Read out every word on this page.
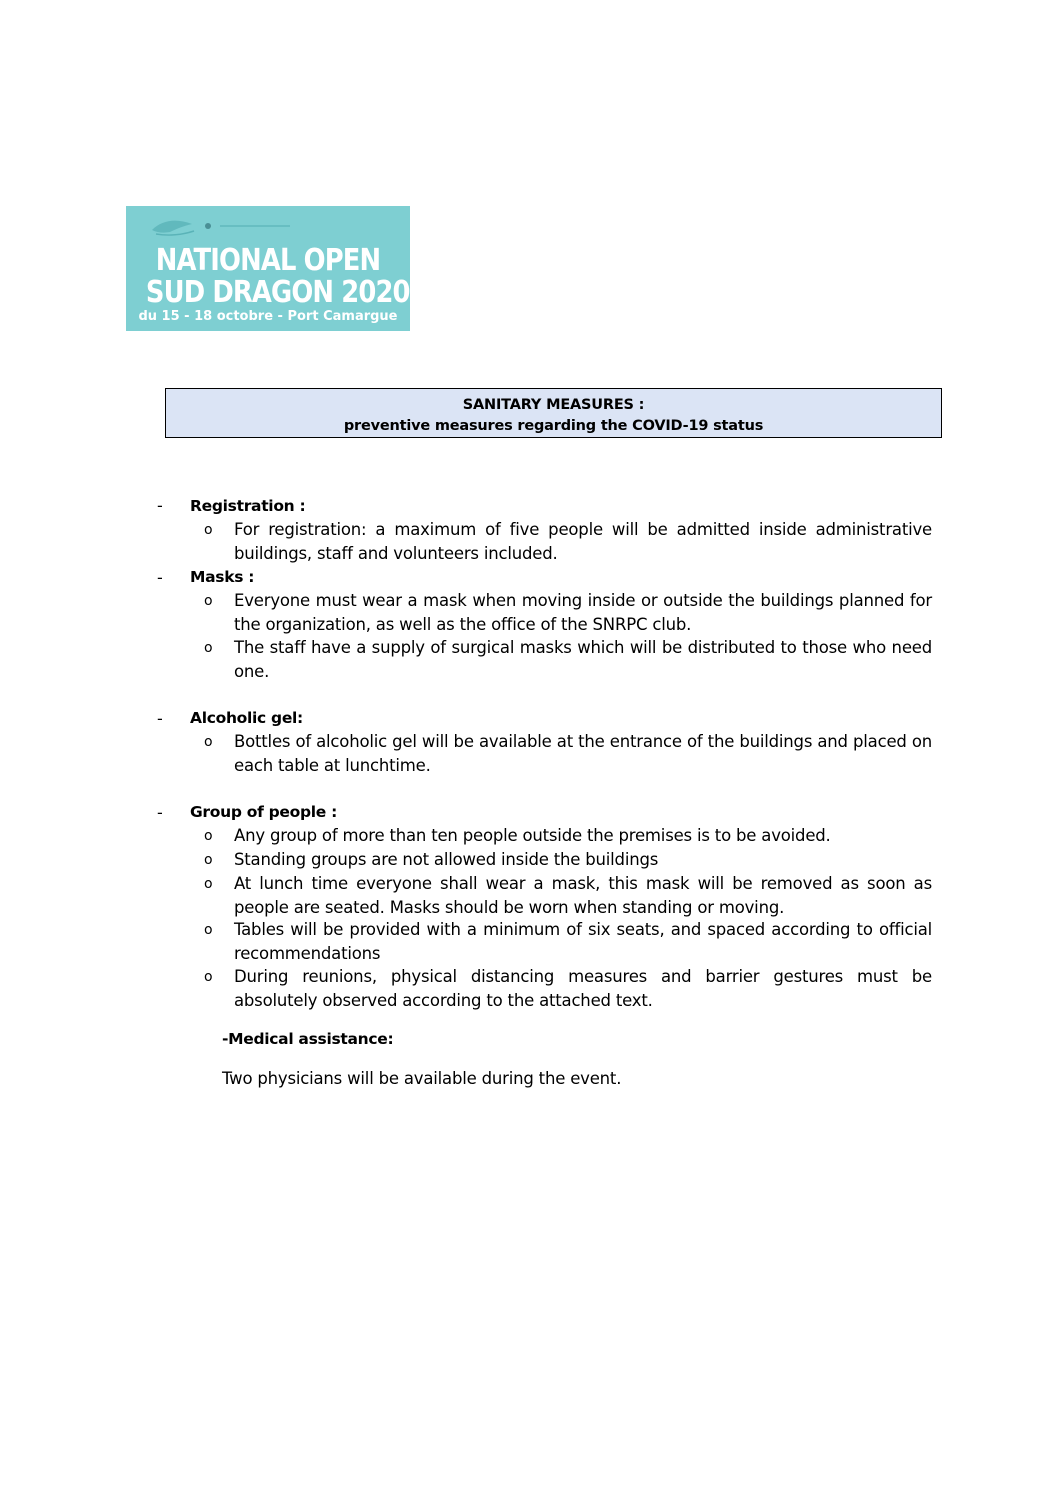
NATIONAL OPEN
SUD DRAGON 2020
du 15 - 18 octobre - Port Camargue
SANITARY MEASURES :
preventive measures regarding the COVID-19 status
- Registration :
o For registration: a maximum of five people will be admitted inside administrative buildings, staff and volunteers included.
- Masks :
o Everyone must wear a mask when moving inside or outside the buildings planned for the organization, as well as the office of the SNRPC club.
o The staff have a supply of surgical masks which will be distributed to those who need one.
- Alcoholic gel:
o Bottles of alcoholic gel will be available at the entrance of the buildings and placed on each table at lunchtime.
- Group of people :
o Any group of more than ten people outside the premises is to be avoided.
o Standing groups are not allowed inside the buildings
o At lunch time everyone shall wear a mask, this mask will be removed as soon as people are seated. Masks should be worn when standing or moving.
o Tables will be provided with a minimum of six seats, and spaced according to official recommendations
o During reunions, physical distancing measures and barrier gestures must be absolutely observed according to the attached text.
-Medical assistance:
Two physicians will be available during the event.
